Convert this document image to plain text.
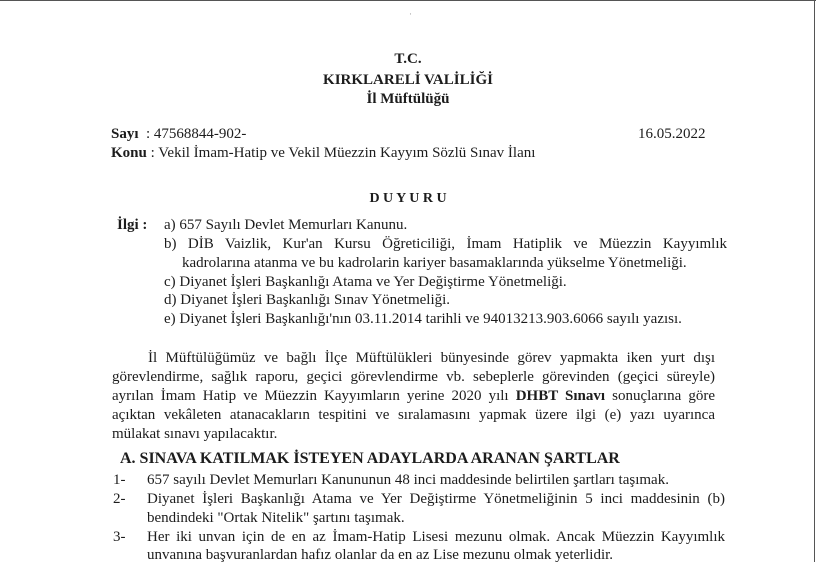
·
T.C.
KIRKLARELİ VALİLİĞİ
İl Müftülüğü
Sayı : 47568844-902-	16.05.2022
Konu : Vekil İmam-Hatip ve Vekil Müezzin Kayyım Sözlü Sınav İlanı
D U Y U R U
İlgi : a) 657 Sayılı Devlet Memurları Kanunu.
b) DİB Vaizlik, Kur'an Kursu Öğreticiliği, İmam Hatiplik ve Müezzin Kayyımlık
kadrolarına atanma ve bu kadrolarin kariyer basamaklarında yükselme Yönetmeliği.
c) Diyanet İşleri Başkanlığı Atama ve Yer Değiştirme Yönetmeliği.
d) Diyanet İşleri Başkanlığı Sınav Yönetmeliği.
e) Diyanet İşleri Başkanlığı'nın 03.11.2014 tarihli ve 94013213.903.6066 sayılı yazısı.
İl Müftülüğümüz ve bağlı İlçe Müftülükleri bünyesinde görev yapmakta iken yurt dışı
görevlendirme, sağlık raporu, geçici görevlendirme vb. sebeplerle görevinden (geçici süreyle)
ayrılan İmam Hatip ve Müezzin Kayyımların yerine 2020 yılı DHBT Sınavı sonuçlarına göre
açıktan vekâleten atanacakların tespitini ve sıralamasını yapmak üzere ilgi (e) yazı uyarınca
mülakat sınavı yapılacaktır.
A. SINAVA KATILMAK İSTEYEN ADAYLARDA ARANAN ŞARTLAR
1- 657 sayılı Devlet Memurları Kanununun 48 inci maddesinde belirtilen şartları taşımak.
2- Diyanet İşleri Başkanlığı Atama ve Yer Değiştirme Yönetmeliğinin 5 inci maddesinin (b)
bendindeki "Ortak Nitelik" şartını taşımak.
3- Her iki unvan için de en az İmam-Hatip Lisesi mezunu olmak. Ancak Müezzin Kayyımlık
unvanına başvuranlardan hafız olanlar da en az Lise mezunu olmak yeterlidir.
